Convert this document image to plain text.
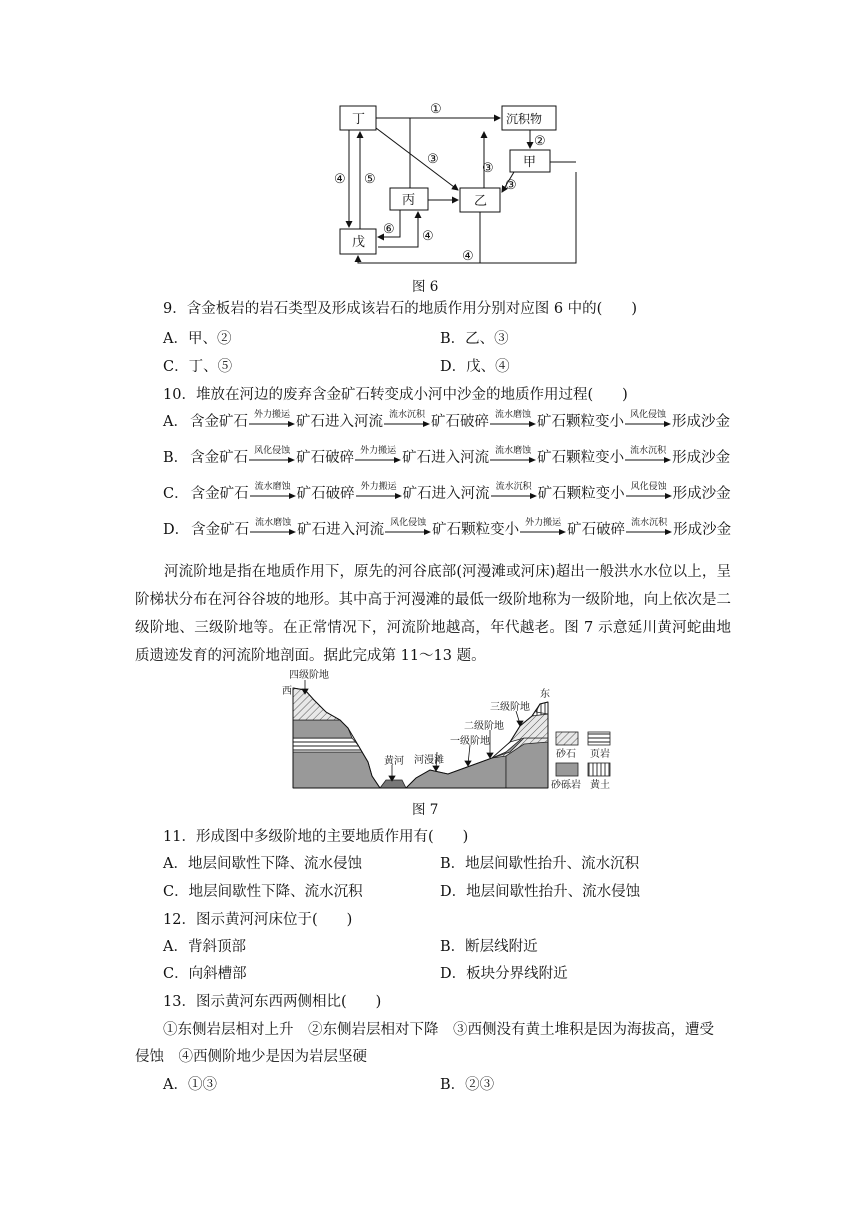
丁	沉积物
甲
丙	乙
戊
①
②
③
③
③
④ ⑤
⑥ ④
④
图 6
9．含金板岩的岩石类型及形成该岩石的地质作用分别对应图 6 中的(　　)
A．甲、②	B．乙、③
C．丁、⑤	D．戊、④
10．堆放在河边的废弃含金矿石转变成小河中沙金的地质作用过程(　　)
A． 含金矿石 外力搬运 矿石进入河流 流水沉积 矿石破碎 流水磨蚀 矿石颗粒变小 风化侵蚀 形成沙金
B． 含金矿石 风化侵蚀 矿石破碎 外力搬运 矿石进入河流 流水磨蚀 矿石颗粒变小 流水沉积 形成沙金
C． 含金矿石 流水磨蚀 矿石破碎 外力搬运 矿石进入河流 流水沉积 矿石颗粒变小 风化侵蚀 形成沙金
D． 含金矿石 流水磨蚀 矿石进入河流 风化侵蚀 矿石颗粒变小 外力搬运 矿石破碎 流水沉积 形成沙金
河流阶地是指在地质作用下，原先的河谷底部(河漫滩或河床)超出一般洪水水位以上，呈阶梯状分布在河谷谷坡的地形。其中高于河漫滩的最低一级阶地称为一级阶地，向上依次是二级阶地、三级阶地等。在正常情况下，河流阶地越高，年代越老。图 7 示意延川黄河蛇曲地质遗迹发育的河流阶地剖面。据此完成第 11～13 题。
西	东
四级阶地
三级阶地
二级阶地
一级阶地
河漫滩
黄河
砂石 页岩
砂砾岩 黄土
图 7
11．形成图中多级阶地的主要地质作用有(　　)
A．地层间歇性下降、流水侵蚀	B．地层间歇性抬升、流水沉积
C．地层间歇性下降、流水沉积	D．地层间歇性抬升、流水侵蚀
12．图示黄河河床位于(　　)
A．背斜顶部	B．断层线附近
C．向斜槽部	D．板块分界线附近
13．图示黄河东西两侧相比(　　)
①东侧岩层相对上升　②东侧岩层相对下降　③西侧没有黄土堆积是因为海拔高，遭受
侵蚀　④西侧阶地少是因为岩层坚硬
A．①③	B．②③
